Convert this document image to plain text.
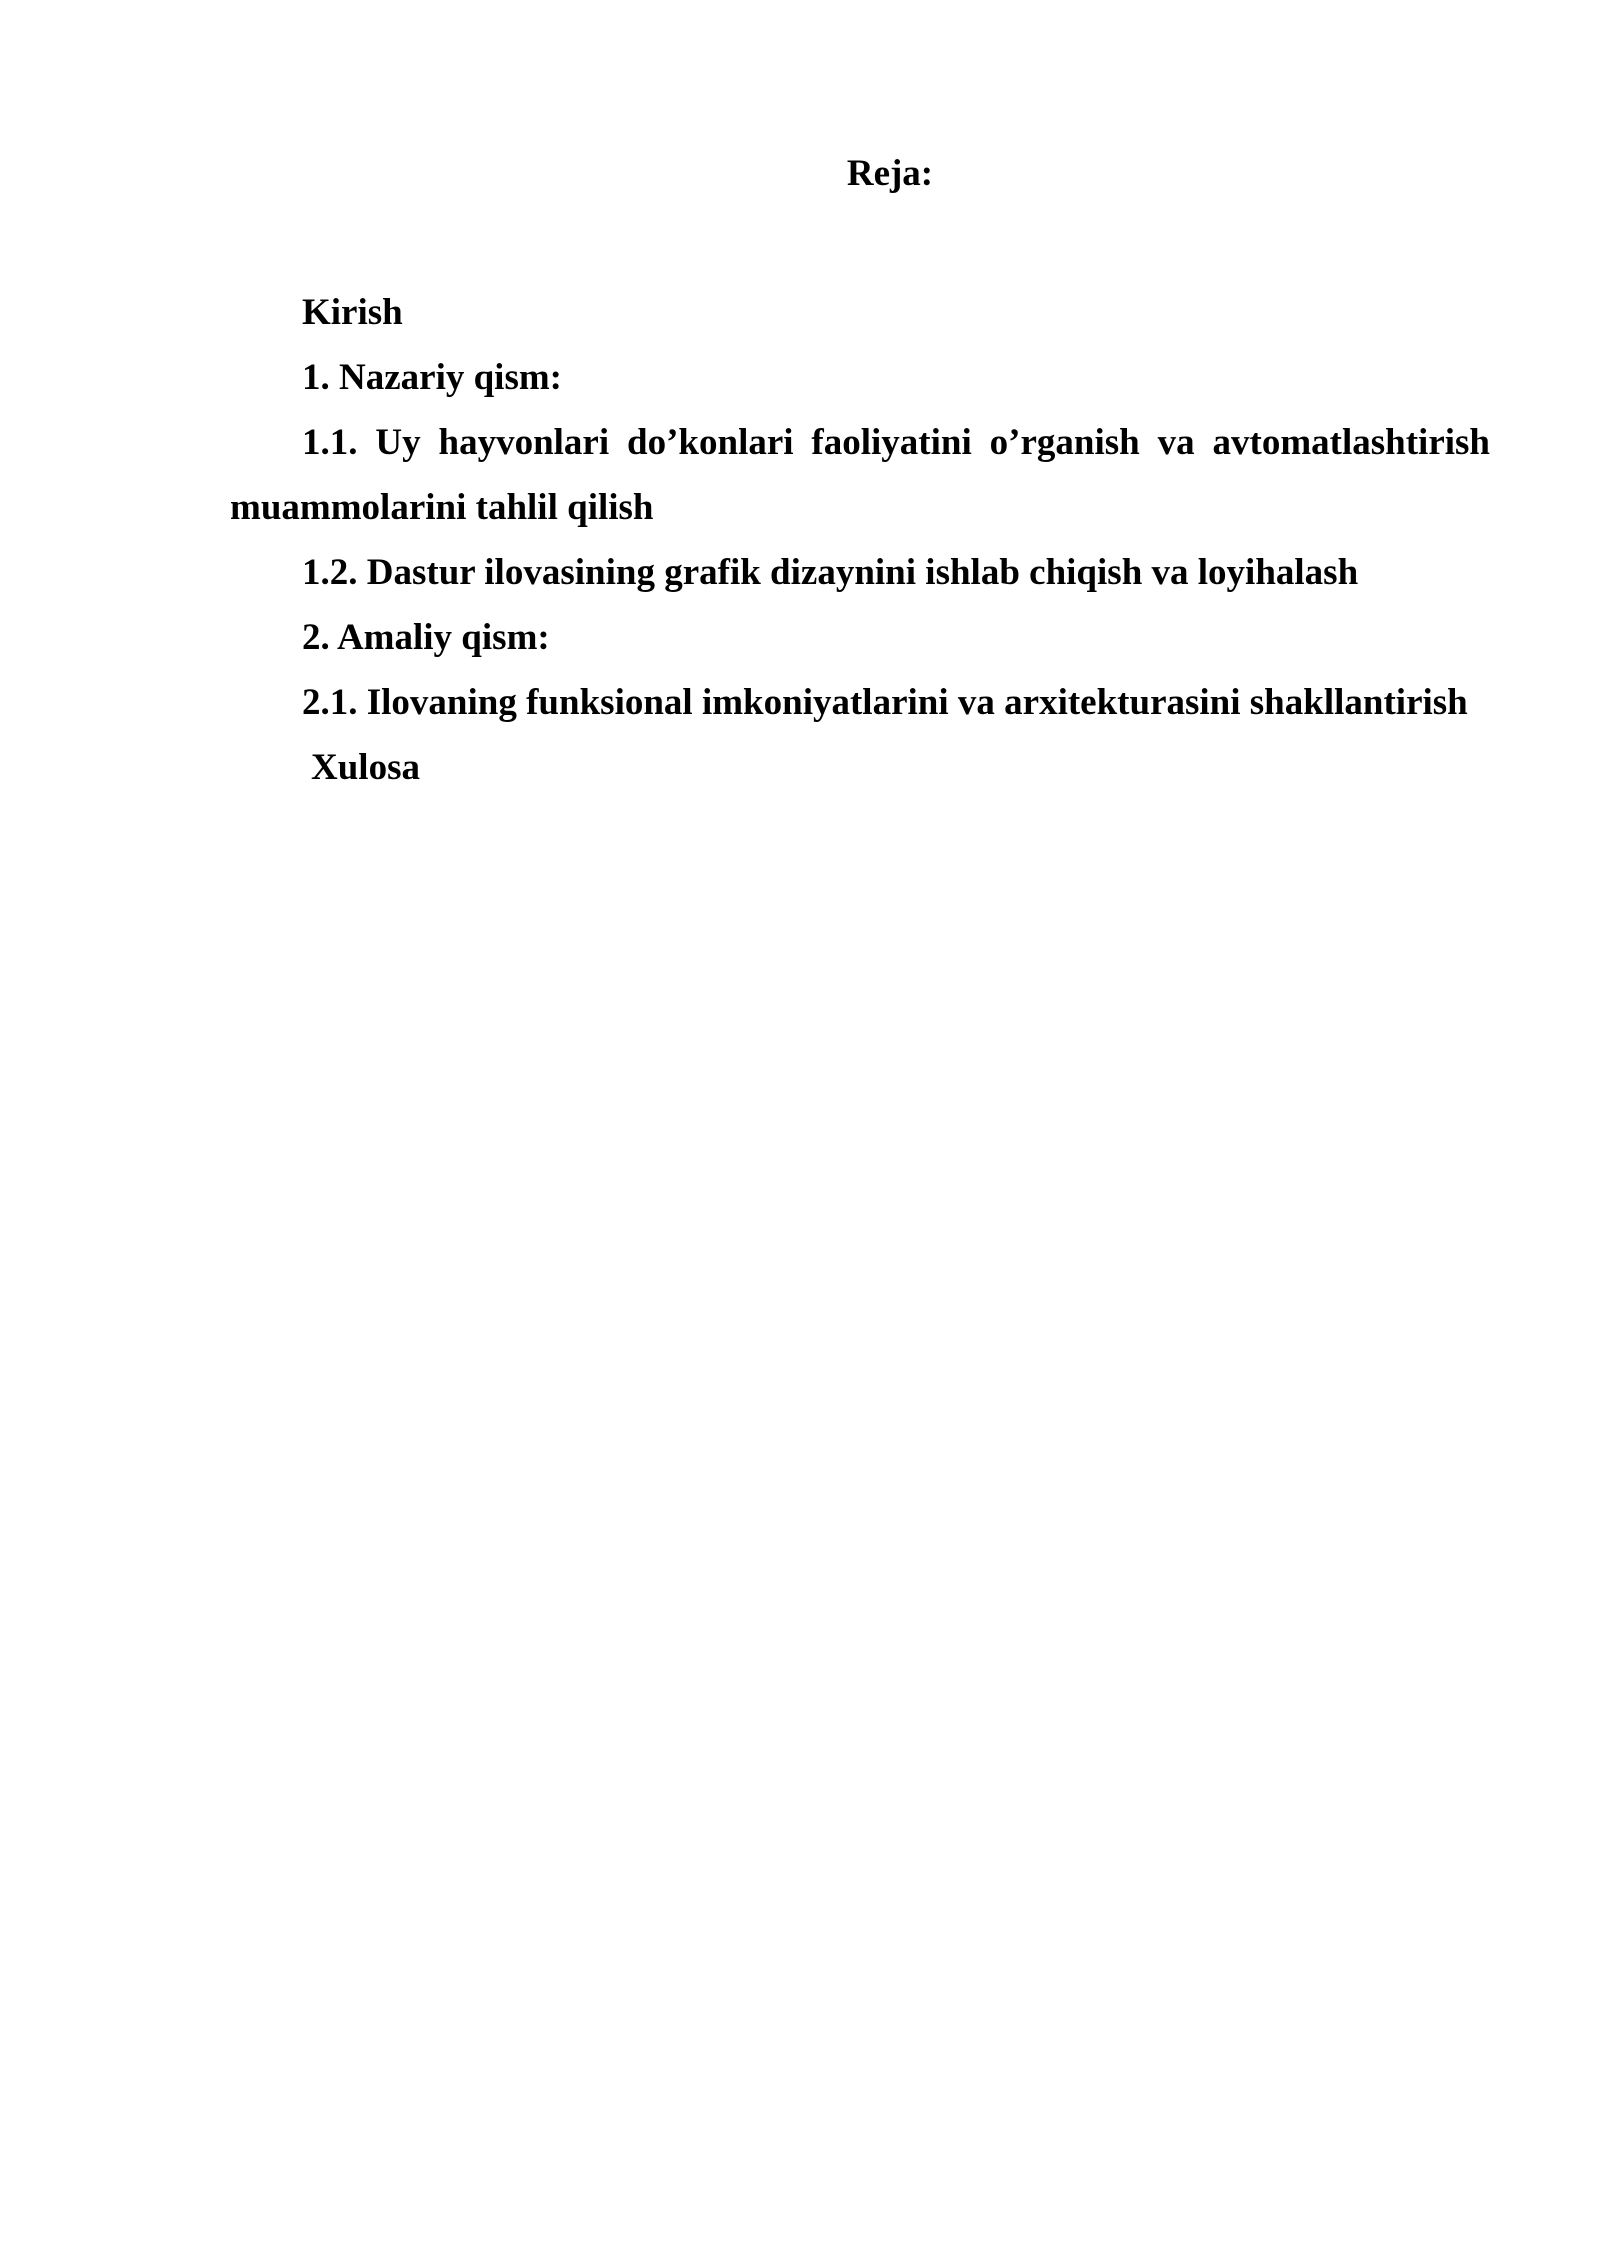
Reja:
Kirish
1. Nazariy qism:
1.1. Uy hayvonlari do’konlari faoliyatini o’rganish va avtomatlashtirish muammolarini tahlil qilish
1.2. Dastur ilovasining grafik dizaynini ishlab chiqish va loyihalash
2. Amaliy qism:
2.1. Ilovaning funksional imkoniyatlarini va arxitekturasini shakllantirish
Xulosa
